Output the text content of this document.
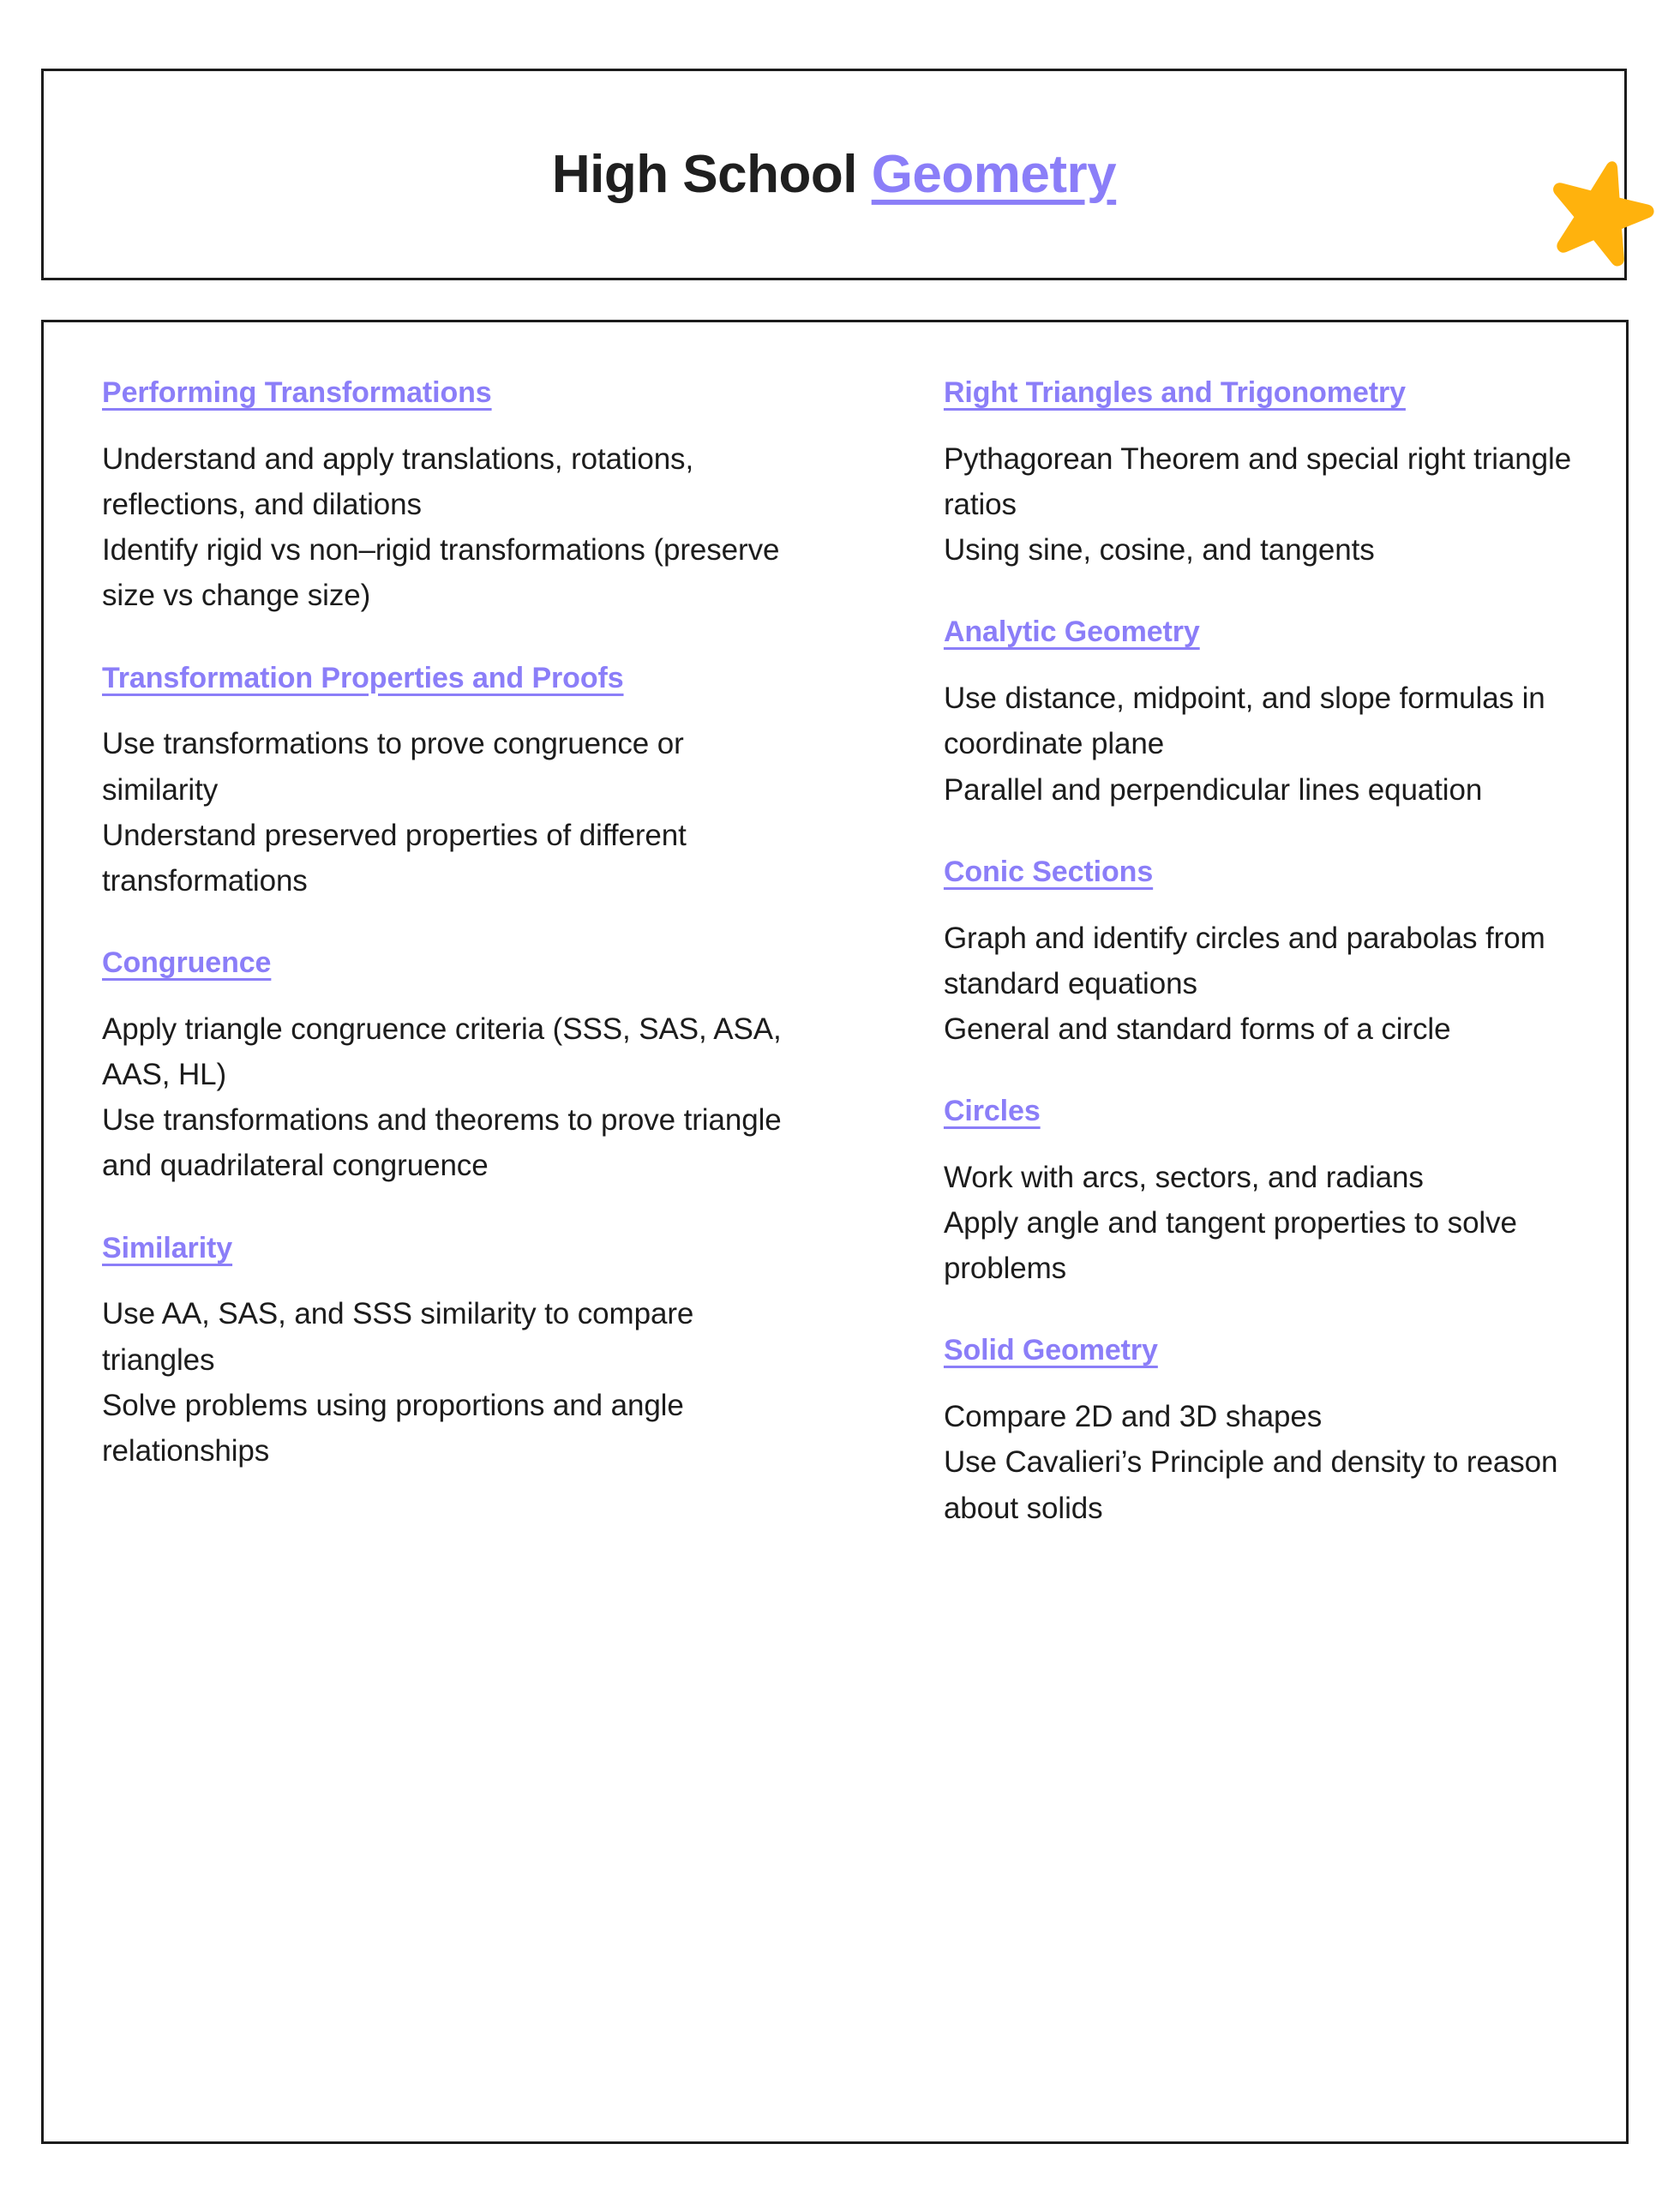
High School Geometry
Performing Transformations
Understand and apply translations, rotations, reflections, and dilations
Identify rigid vs non–rigid transformations (preserve size vs change size)
Transformation Properties and Proofs
Use transformations to prove congruence or similarity
Understand preserved properties of different transformations
Congruence
Apply triangle congruence criteria (SSS, SAS, ASA, AAS, HL)
Use transformations and theorems to prove triangle and quadrilateral congruence
Similarity
Use AA, SAS, and SSS similarity to compare triangles
Solve problems using proportions and angle relationships
Right Triangles and Trigonometry
Pythagorean Theorem and special right triangle ratios
Using sine, cosine, and tangents
Analytic Geometry
Use distance, midpoint, and slope formulas in coordinate plane
Parallel and perpendicular lines equation
Conic Sections
Graph and identify circles and parabolas from standard equations
General and standard forms of a circle
Circles
Work with arcs, sectors, and radians
Apply angle and tangent properties to solve problems
Solid Geometry
Compare 2D and 3D shapes
Use Cavalieri’s Principle and density to reason about solids
